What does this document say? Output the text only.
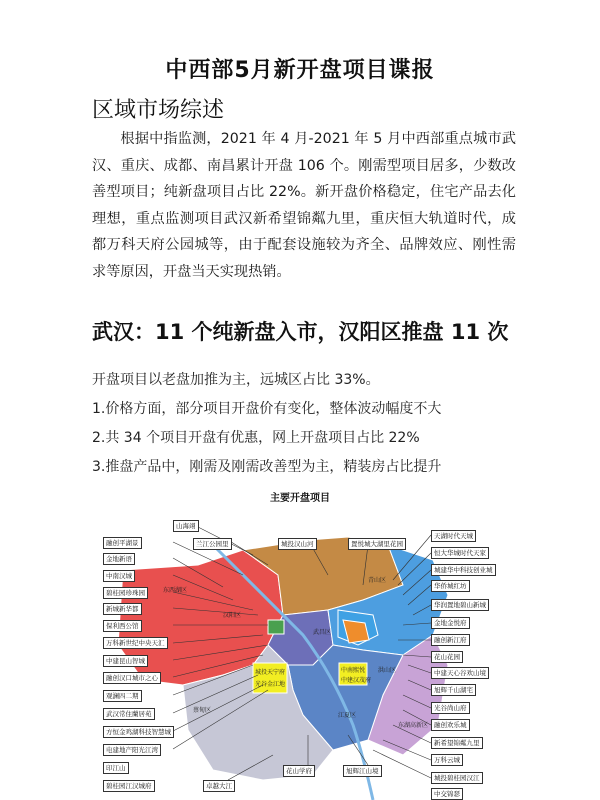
中西部5月新开盘项目谍报
区域市场综述

根据中指监测，2021 年 4 月-2021 年 5 月中西部重点城市武汉、重庆、成都、南昌累计开盘 106 个。刚需型项目居多，少数改善型项目；纯新盘项目占比 22%。新开盘价格稳定，住宅产品去化理想，重点监测项目武汉新希望锦粼九里，重庆恒大轨道时代，成都万科天府公园城等，由于配套设施较为齐全、品牌效应、刚性需求等原因，开盘当天实现热销。

武汉：11 个纯新盘入市，汉阳区推盘 11 次
开盘项目以老盘加推为主，远城区占比 33%。
1.价格方面，部分项目开盘价有变化，整体波动幅度不大
2.共 34 个项目开盘有优惠，网上开盘项目占比 22%
3.推盘产品中，刚需及刚需改善型为主，精装房占比提升
主要开盘项目
山海翊
兰江公园里	城投汉山河	置悦城大湖里花园
融创平湖景
金地新语
中南汉城
碧桂园珍珠园
新城新华都
保利西公馆
万科新世纪中央天汇
中建昆山智城
融创汉口城市之心
观澜四二期
武汉常住蘭居苑
方恒金鸡湖科技智慧城
电建地产阳光江湾
印江山
碧桂园江汉城府
天湖时代天城
恒大华城时代天家
城建华中科技创业城
华侨城红坊
华润置地碧山新城
金地金悦府
融创新江府
花山花园
中建天心谷欢山境
旭辉千山湖宅
光谷尚山府
融创欢乐城
新希望锦粼九里
万科云城
城投碧桂园汉江
中交锦瑟
卓越大江
花山学府	旭辉江山境
汉阳区
武昌区
洪山区
东西湖区
东湖高新区
蔡甸区
江夏区
青山区
城投天宁府
光谷金江地
中南熙悦
中建汉茂府
